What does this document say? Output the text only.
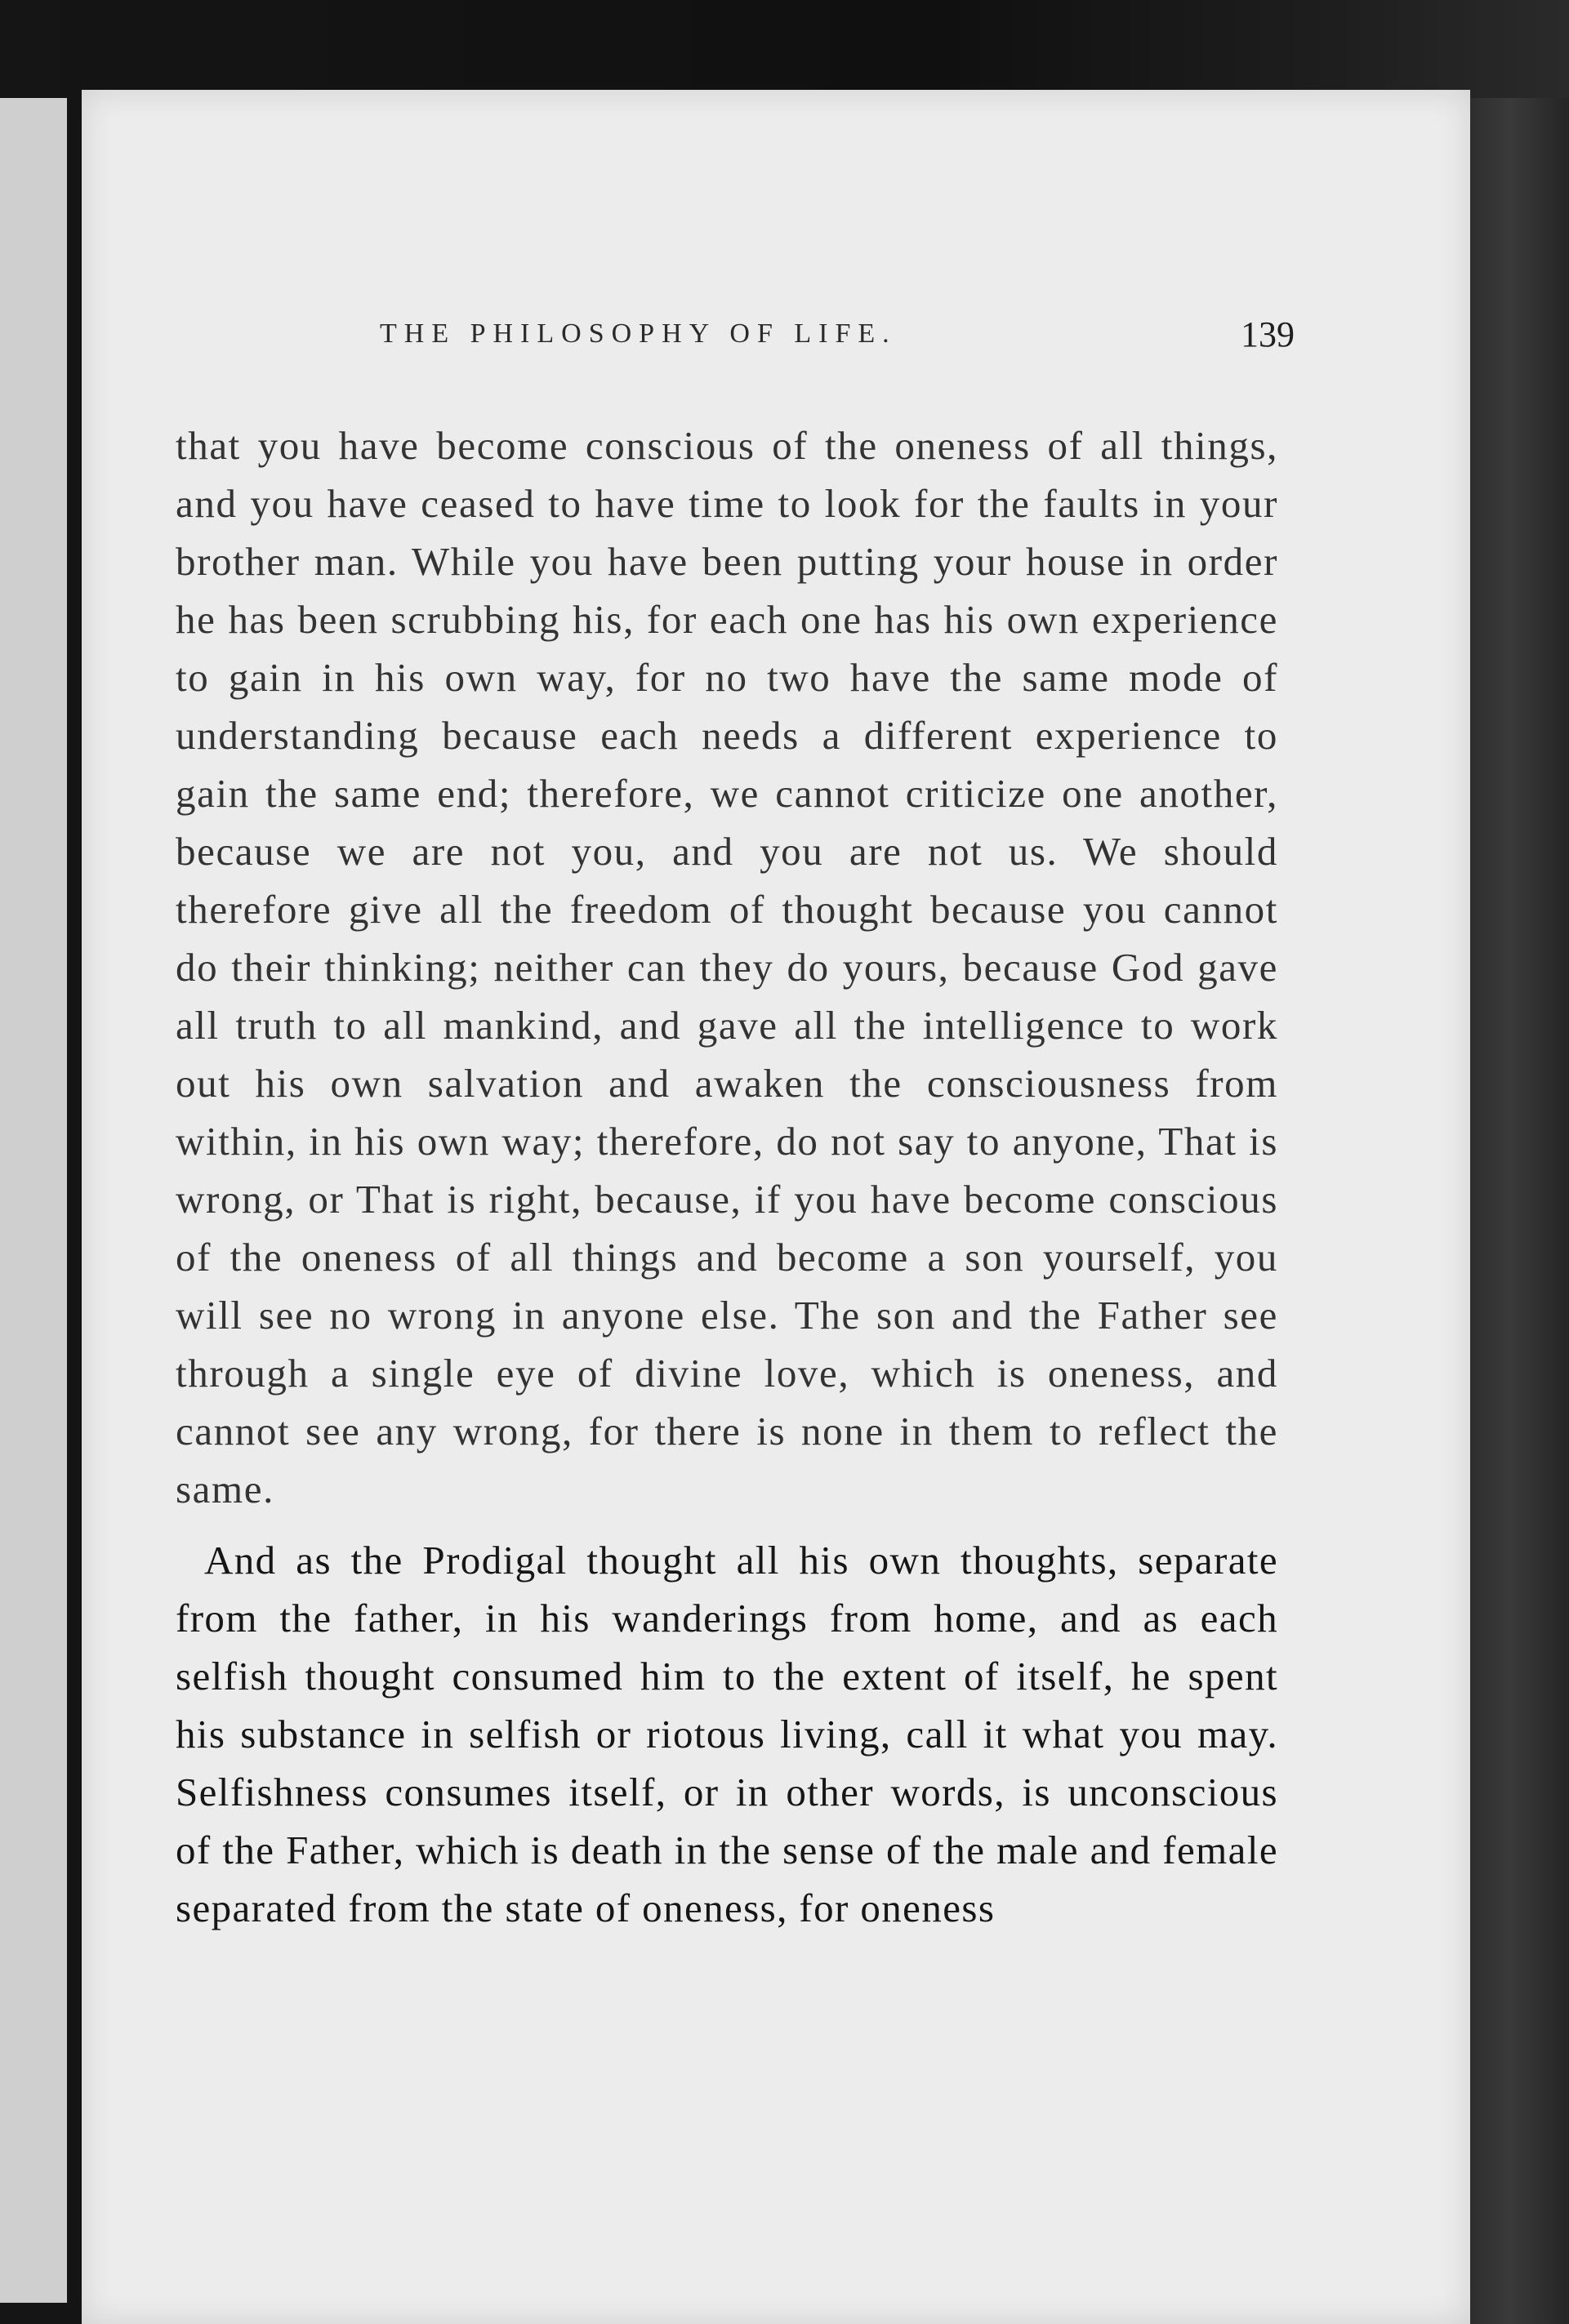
THE PHILOSOPHY OF LIFE.	139

that you have become conscious of the oneness of all things, and you have ceased to have time to look for the faults in your brother man. While you have been putting your house in order he has been scrubbing his, for each one has his own experience to gain in his own way, for no two have the same mode of understanding because each needs a different experience to gain the same end; therefore, we cannot criticize one another, because we are not you, and you are not us. We should therefore give all the freedom of thought because you cannot do their thinking; neither can they do yours, because God gave all truth to all mankind, and gave all the intelligence to work out his own salvation and awaken the consciousness from within, in his own way; therefore, do not say to anyone, That is wrong, or That is right, because, if you have become conscious of the oneness of all things and become a son yourself, you will see no wrong in anyone else. The son and the Father see through a single eye of divine love, which is oneness, and cannot see any wrong, for there is none in them to reflect the same.

And as the Prodigal thought all his own thoughts, separate from the father, in his wanderings from home, and as each selfish thought consumed him to the extent of itself, he spent his substance in selfish or riotous living, call it what you may. Selfishness consumes itself, or in other words, is unconscious of the Father, which is death in the sense of the male and female separated from the state of oneness, for oneness
